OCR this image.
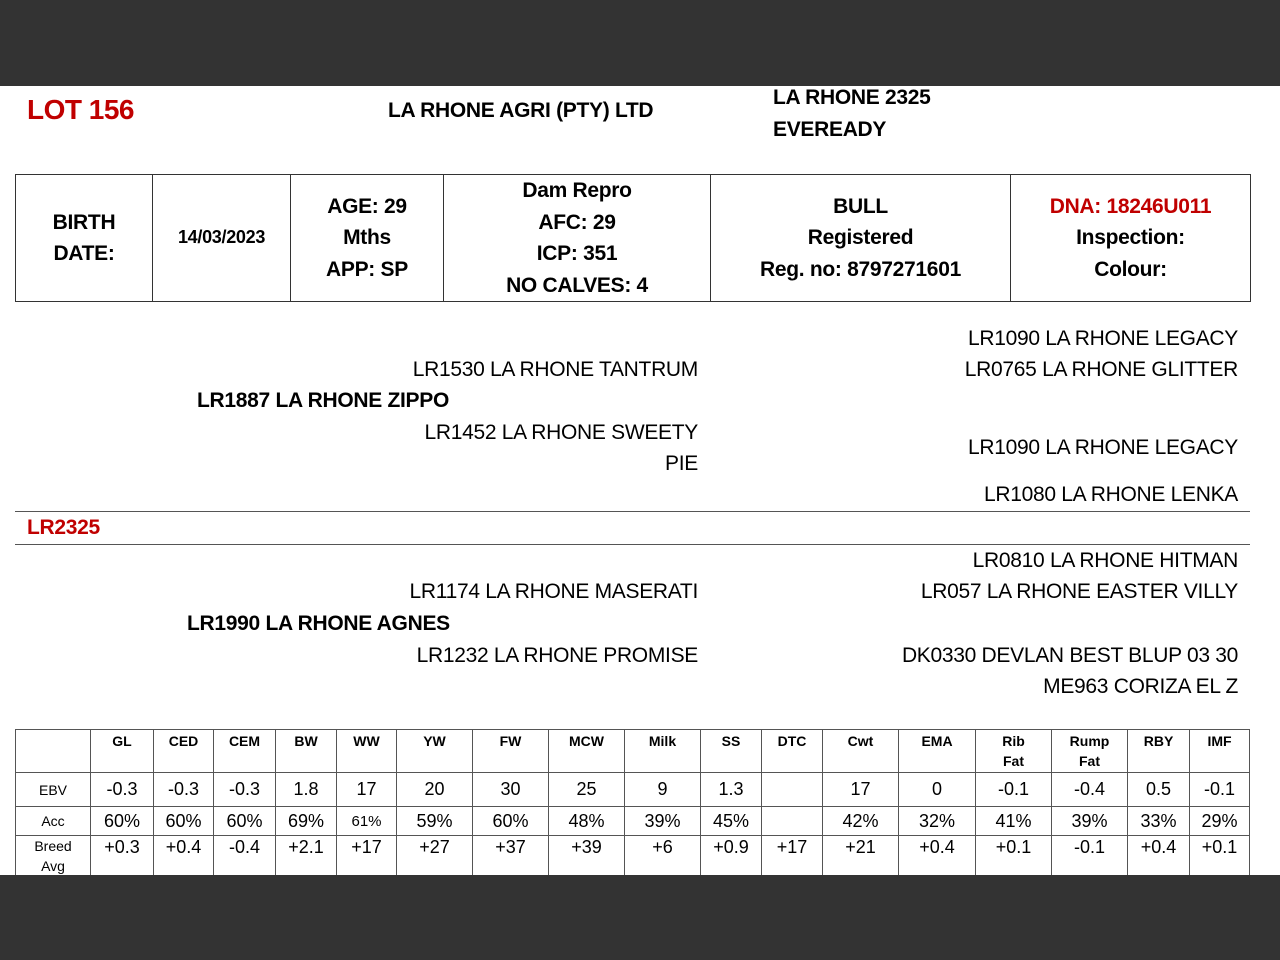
LOT 156	LA RHONE AGRI (PTY) LTD
LA RHONE 2325
EVEREADY
BIRTH
DATE:
	14/03/2023	
AGE: 29
Mths
APP: SP

Dam Repro
AFC: 29
ICP: 351
NO CALVES: 4

BULL
Registered
Reg. no: 8797271601

DNA: 18246U011
Inspection:
Colour:
LR1090 LA RHONE LEGACY
LR0765 LA RHONE GLITTER
LR1530 LA RHONE TANTRUM
LR1887 LA RHONE ZIPPO
LR1452 LA RHONE SWEETY
PIE
LR1090 LA RHONE LEGACY
LR1080 LA RHONE LENKA
LR2325
LR0810 LA RHONE HITMAN
LR057 LA RHONE EASTER VILLY
LR1174 LA RHONE MASERATI
LR1990 LA RHONE AGNES
LR1232 LA RHONE PROMISE	DK0330 DEVLAN BEST BLUP 03 30
ME963 CORIZA EL Z
	GL	CED	CEM	BW	WW	YW	FW	MCW	Milk	SS	DTC	Cwt	EMA	Rib Fat	Rump Fat	RBY	IMF
EBV	-0.3	-0.3	-0.3	1.8	17	20	30	25	9	1.3		17	0	-0.1	-0.4	0.5	-0.1
Acc	60%	60%	60%	69%	61%	59%	60%	48%	39%	45%		42%	32%	41%	39%	33%	29%
Breed Avg	+0.3	+0.4	-0.4	+2.1	+17	+27	+37	+39	+6	+0.9	+17	+21	+0.4	+0.1	-0.1	+0.4	+0.1
